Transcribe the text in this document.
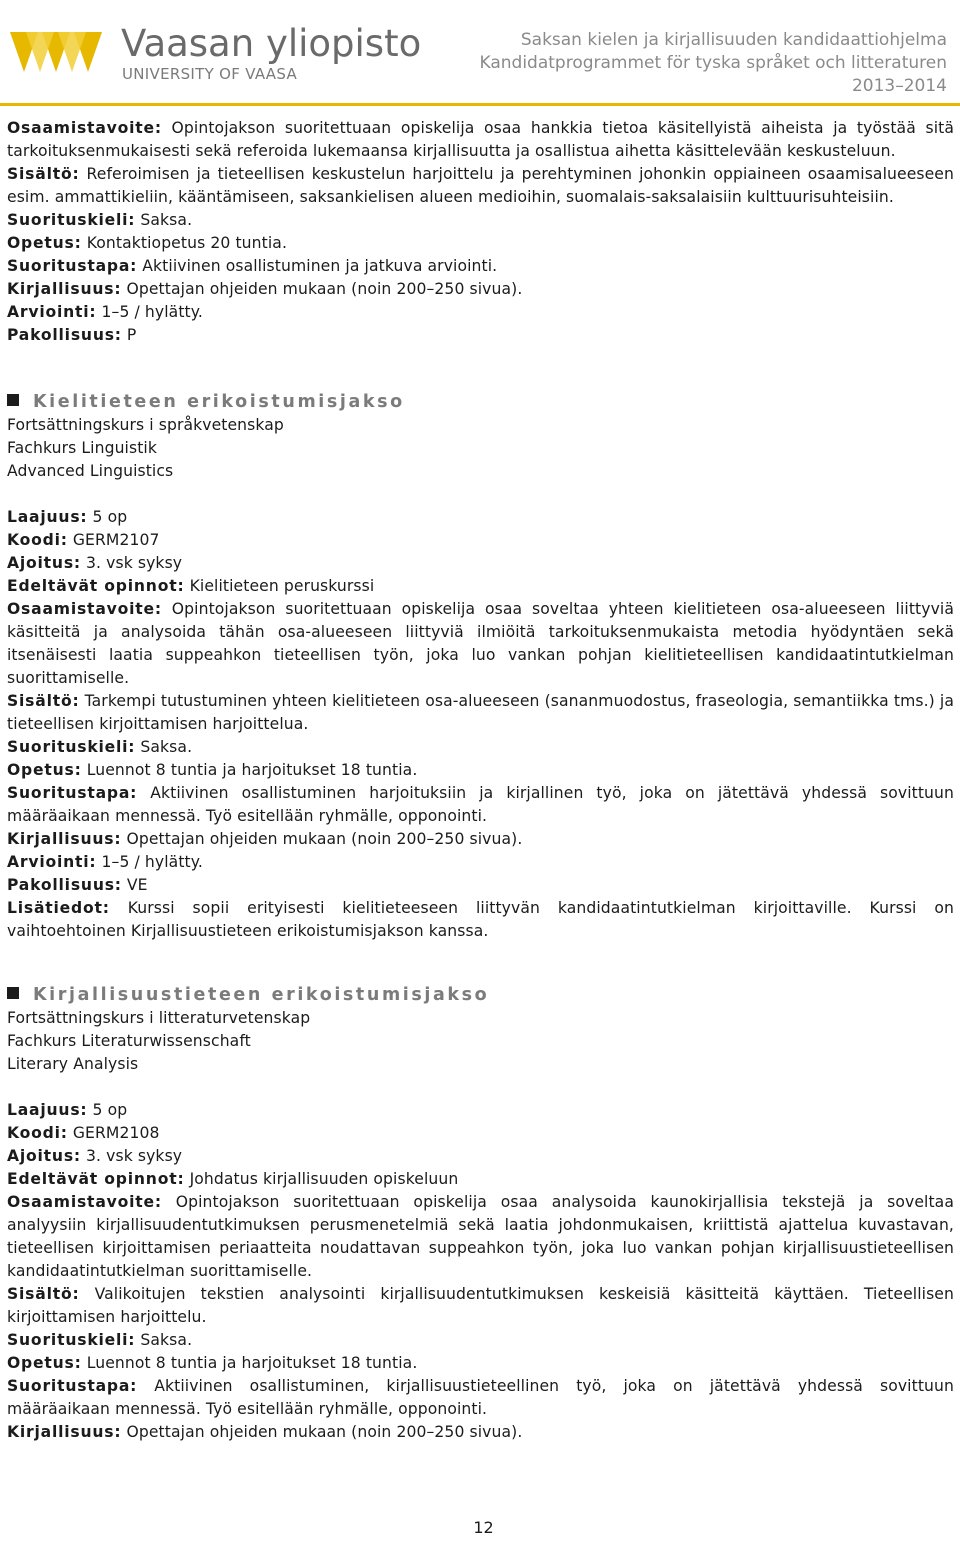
Vaasan yliopisto
UNIVERSITY OF VAASA
Saksan kielen ja kirjallisuuden kandidaattiohjelma
Kandidatprogrammet för tyska språket och litteraturen
2013–2014

Osaamistavoite: Opintojakson suoritettuaan opiskelija osaa hankkia tietoa käsitellyistä aiheista ja työstää sitä tarkoituksenmukaisesti sekä referoida lukemaansa kirjallisuutta ja osallistua aihetta käsittelevään keskusteluun.

Sisältö: Referoimisen ja tieteellisen keskustelun harjoittelu ja perehtyminen johonkin oppiaineen osaamisalueeseen esim. ammattikieliin, kääntämiseen, saksankielisen alueen medioihin, suomalais-saksalaisiin kulttuurisuhteisiin.

Suorituskieli: Saksa.

Opetus: Kontaktiopetus 20 tuntia.

Suoritustapa: Aktiivinen osallistuminen ja jatkuva arviointi.

Kirjallisuus: Opettajan ohjeiden mukaan (noin 200–250 sivua).

Arviointi: 1–5 / hylätty.

Pakollisuus: P

Kielitieteen erikoistumisjakso

Fortsättningskurs i språkvetenskap

Fachkurs Linguistik

Advanced Linguistics

Laajuus: 5 op

Koodi: GERM2107

Ajoitus: 3. vsk syksy

Edeltävät opinnot: Kielitieteen peruskurssi

Osaamistavoite: Opintojakson suoritettuaan opiskelija osaa soveltaa yhteen kielitieteen osa-alueeseen liittyviä käsitteitä ja analysoida tähän osa-alueeseen liittyviä ilmiöitä tarkoituksenmukaista metodia hyödyntäen sekä itsenäisesti laatia suppeahkon tieteellisen työn, joka luo vankan pohjan kielitieteellisen kandidaatintutkielman suorittamiselle.

Sisältö: Tarkempi tutustuminen yhteen kielitieteen osa-alueeseen (sananmuodostus, fraseologia, semantiikka tms.) ja tieteellisen kirjoittamisen harjoittelua.

Suorituskieli: Saksa.

Opetus: Luennot 8 tuntia ja harjoitukset 18 tuntia.

Suoritustapa: Aktiivinen osallistuminen harjoituksiin ja kirjallinen työ, joka on jätettävä yhdessä sovittuun määräaikaan mennessä. Työ esitellään ryhmälle, opponointi.

Kirjallisuus: Opettajan ohjeiden mukaan (noin 200–250 sivua).

Arviointi: 1–5 / hylätty.

Pakollisuus: VE

Lisätiedot: Kurssi sopii erityisesti kielitieteeseen liittyvän kandidaatintutkielman kirjoittaville. Kurssi on vaihtoehtoinen Kirjallisuustieteen erikoistumisjakson kanssa.

Kirjallisuustieteen erikoistumisjakso

Fortsättningskurs i litteraturvetenskap

Fachkurs Literaturwissenschaft

Literary Analysis

Laajuus: 5 op

Koodi: GERM2108

Ajoitus: 3. vsk syksy

Edeltävät opinnot: Johdatus kirjallisuuden opiskeluun

Osaamistavoite: Opintojakson suoritettuaan opiskelija osaa analysoida kaunokirjallisia tekstejä ja soveltaa analyysiin kirjallisuudentutkimuksen perusmenetelmiä sekä laatia johdonmukaisen, kriittistä ajattelua kuvastavan, tieteellisen kirjoittamisen periaatteita noudattavan suppeahkon työn, joka luo vankan pohjan kirjallisuustieteellisen kandidaatintutkielman suorittamiselle.

Sisältö: Valikoitujen tekstien analysointi kirjallisuudentutkimuksen keskeisiä käsitteitä käyttäen. Tieteellisen kirjoittamisen harjoittelu.

Suorituskieli: Saksa.

Opetus: Luennot 8 tuntia ja harjoitukset 18 tuntia.

Suoritustapa: Aktiivinen osallistuminen, kirjallisuustieteellinen työ, joka on jätettävä yhdessä sovittuun määräaikaan mennessä. Työ esitellään ryhmälle, opponointi.

Kirjallisuus: Opettajan ohjeiden mukaan (noin 200–250 sivua).

12
